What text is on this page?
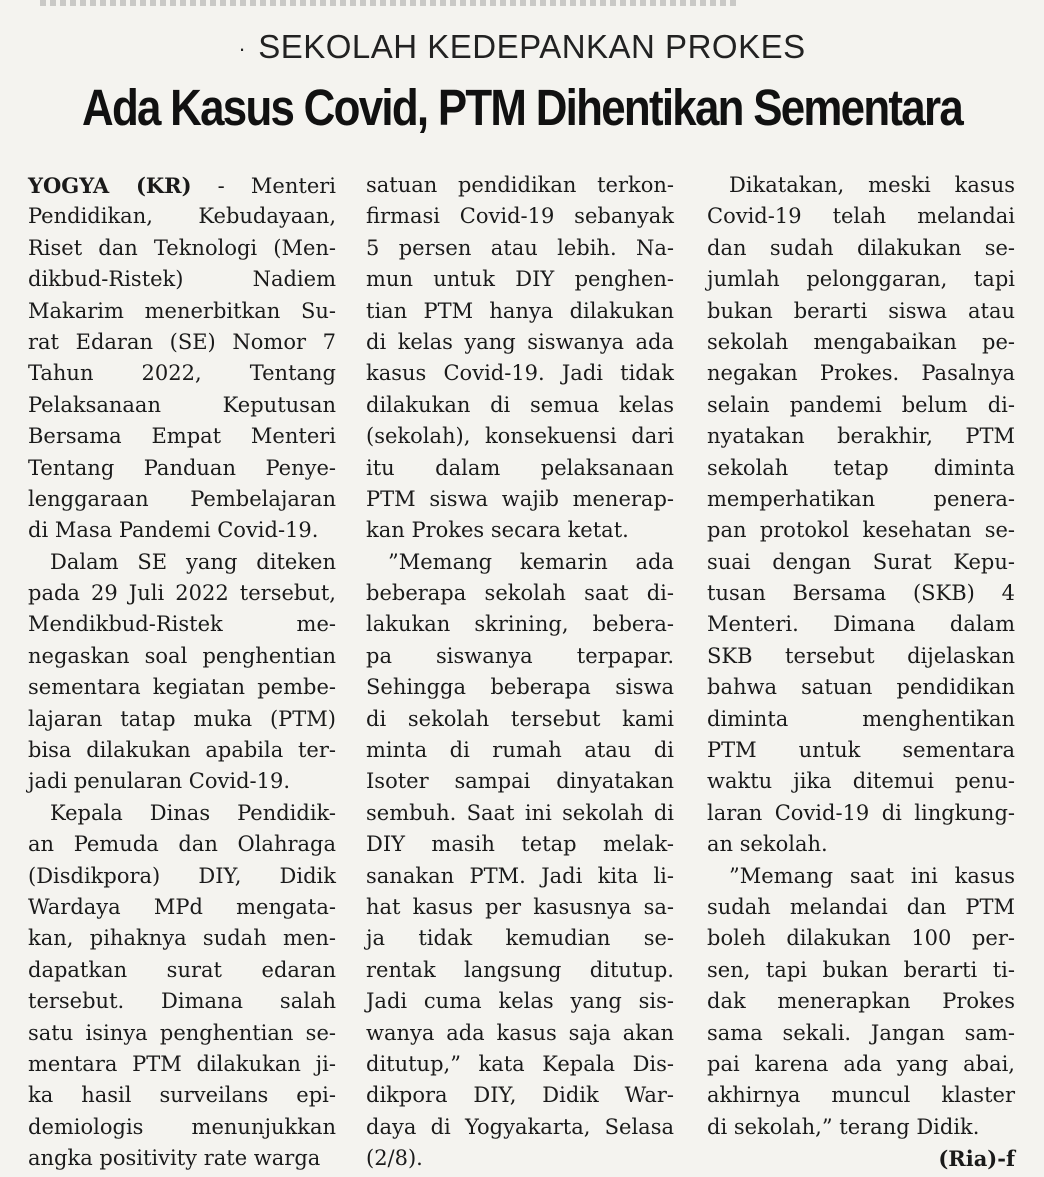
· SEKOLAH KEDEPANKAN PROKES
Ada Kasus Covid, PTM Dihentikan Sementara
YOGYA (KR) - Menteri
Pendidikan, Kebudayaan,
Riset dan Teknologi (Men-
dikbud-Ristek) Nadiem
Makarim menerbitkan Su-
rat Edaran (SE) Nomor 7
Tahun 2022, Tentang
Pelaksanaan Keputusan
Bersama Empat Menteri
Tentang Panduan Penye-
lenggaraan Pembelajaran
di Masa Pandemi Covid-19.
Dalam SE yang diteken
pada 29 Juli 2022 tersebut,
Mendikbud-Ristek me-
negaskan soal penghentian
sementara kegiatan pembe-
lajaran tatap muka (PTM)
bisa dilakukan apabila ter-
jadi penularan Covid-19.
Kepala Dinas Pendidik-
an Pemuda dan Olahraga
(Disdikpora) DIY, Didik
Wardaya MPd mengata-
kan, pihaknya sudah men-
dapatkan surat edaran
tersebut. Dimana salah
satu isinya penghentian se-
mentara PTM dilakukan ji-
ka hasil surveilans epi-
demiologis menunjukkan
angka positivity rate warga
satuan pendidikan terkon-
firmasi Covid-19 sebanyak
5 persen atau lebih. Na-
mun untuk DIY penghen-
tian PTM hanya dilakukan
di kelas yang siswanya ada
kasus Covid-19. Jadi tidak
dilakukan di semua kelas
(sekolah), konsekuensi dari
itu dalam pelaksanaan
PTM siswa wajib menerap-
kan Prokes secara ketat.
”Memang kemarin ada
beberapa sekolah saat di-
lakukan skrining, bebera-
pa siswanya terpapar.
Sehingga beberapa siswa
di sekolah tersebut kami
minta di rumah atau di
Isoter sampai dinyatakan
sembuh. Saat ini sekolah di
DIY masih tetap melak-
sanakan PTM. Jadi kita li-
hat kasus per kasusnya sa-
ja tidak kemudian se-
rentak langsung ditutup.
Jadi cuma kelas yang sis-
wanya ada kasus saja akan
ditutup,” kata Kepala Dis-
dikpora DIY, Didik War-
daya di Yogyakarta, Selasa
(2/8).
Dikatakan, meski kasus
Covid-19 telah melandai
dan sudah dilakukan se-
jumlah pelonggaran, tapi
bukan berarti siswa atau
sekolah mengabaikan pe-
negakan Prokes. Pasalnya
selain pandemi belum di-
nyatakan berakhir, PTM
sekolah tetap diminta
memperhatikan penera-
pan protokol kesehatan se-
suai dengan Surat Kepu-
tusan Bersama (SKB) 4
Menteri. Dimana dalam
SKB tersebut dijelaskan
bahwa satuan pendidikan
diminta menghentikan
PTM untuk sementara
waktu jika ditemui penu-
laran Covid-19 di lingkung-
an sekolah.
”Memang saat ini kasus
sudah melandai dan PTM
boleh dilakukan 100 per-
sen, tapi bukan berarti ti-
dak menerapkan Prokes
sama sekali. Jangan sam-
pai karena ada yang abai,
akhirnya muncul klaster
di sekolah,” terang Didik.
(Ria)-f
